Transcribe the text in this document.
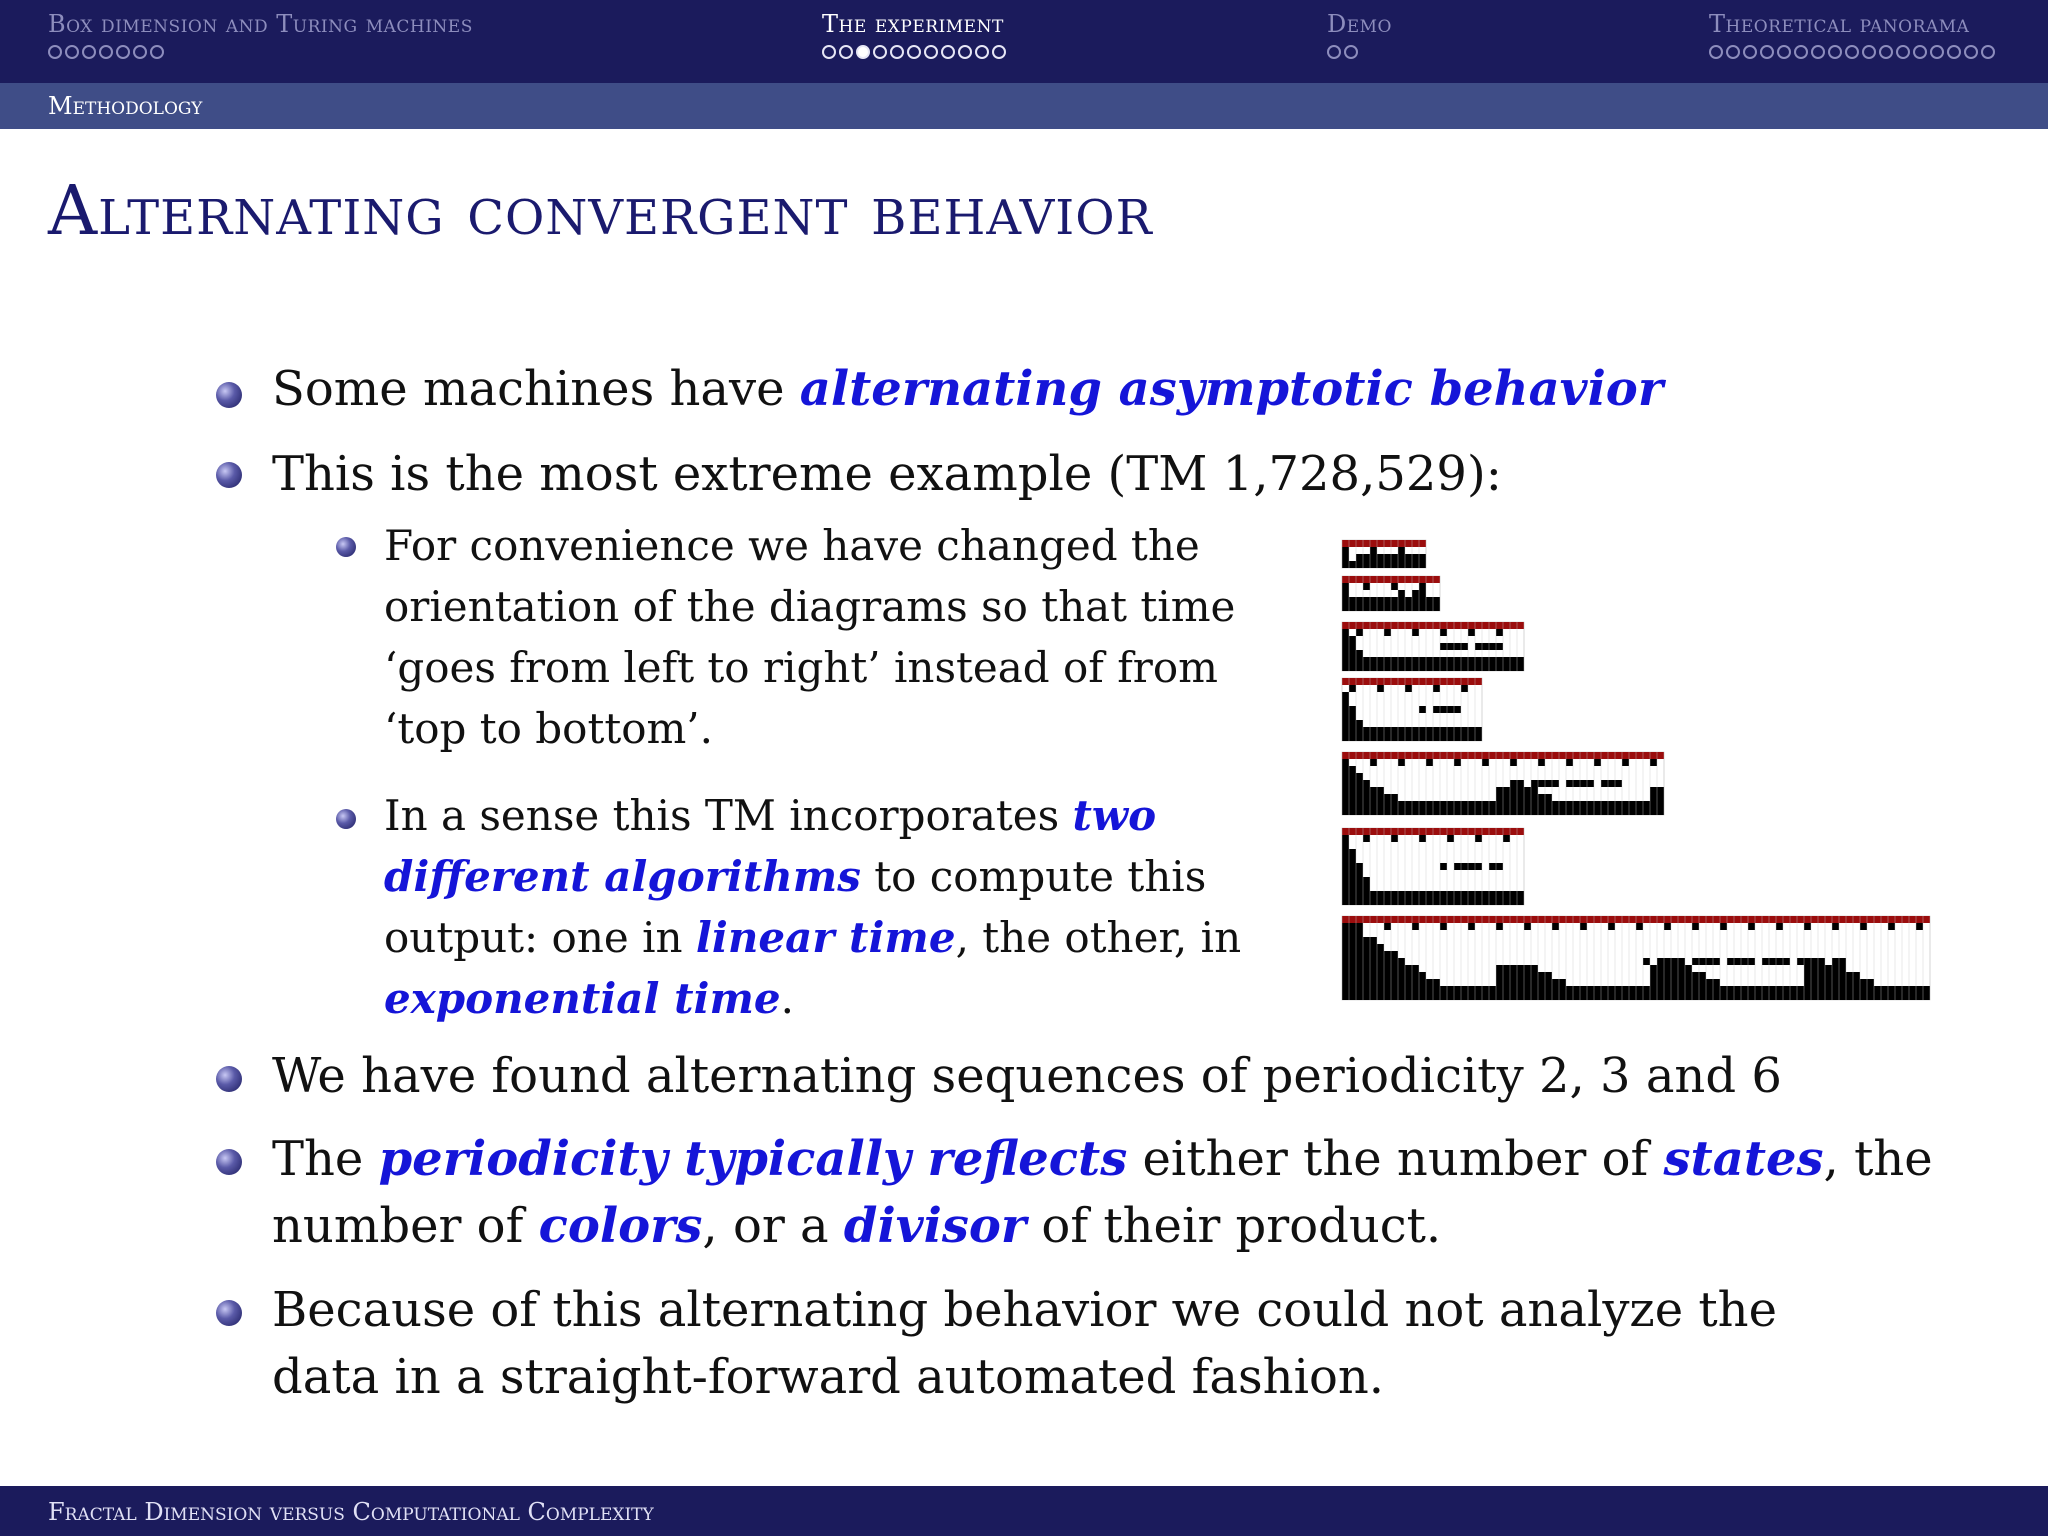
Box dimension and Turing machines	The experiment	Demo	Theoretical panorama
Methodology
Alternating convergent behavior
Some machines have alternating asymptotic behavior
This is the most extreme example (TM 1,728,529):
For convenience we have changed the
orientation of the diagrams so that time
‘goes from left to right’ instead of from
‘top to bottom’.
In a sense this TM incorporates two
different algorithms to compute this
output: one in linear time, the other, in
exponential time.
We have found alternating sequences of periodicity 2, 3 and 6
The periodicity typically reflects either the number of states, the
number of colors, or a divisor of their product.
Because of this alternating behavior we could not analyze the
data in a straight-forward automated fashion.
Fractal Dimension versus Computational Complexity
